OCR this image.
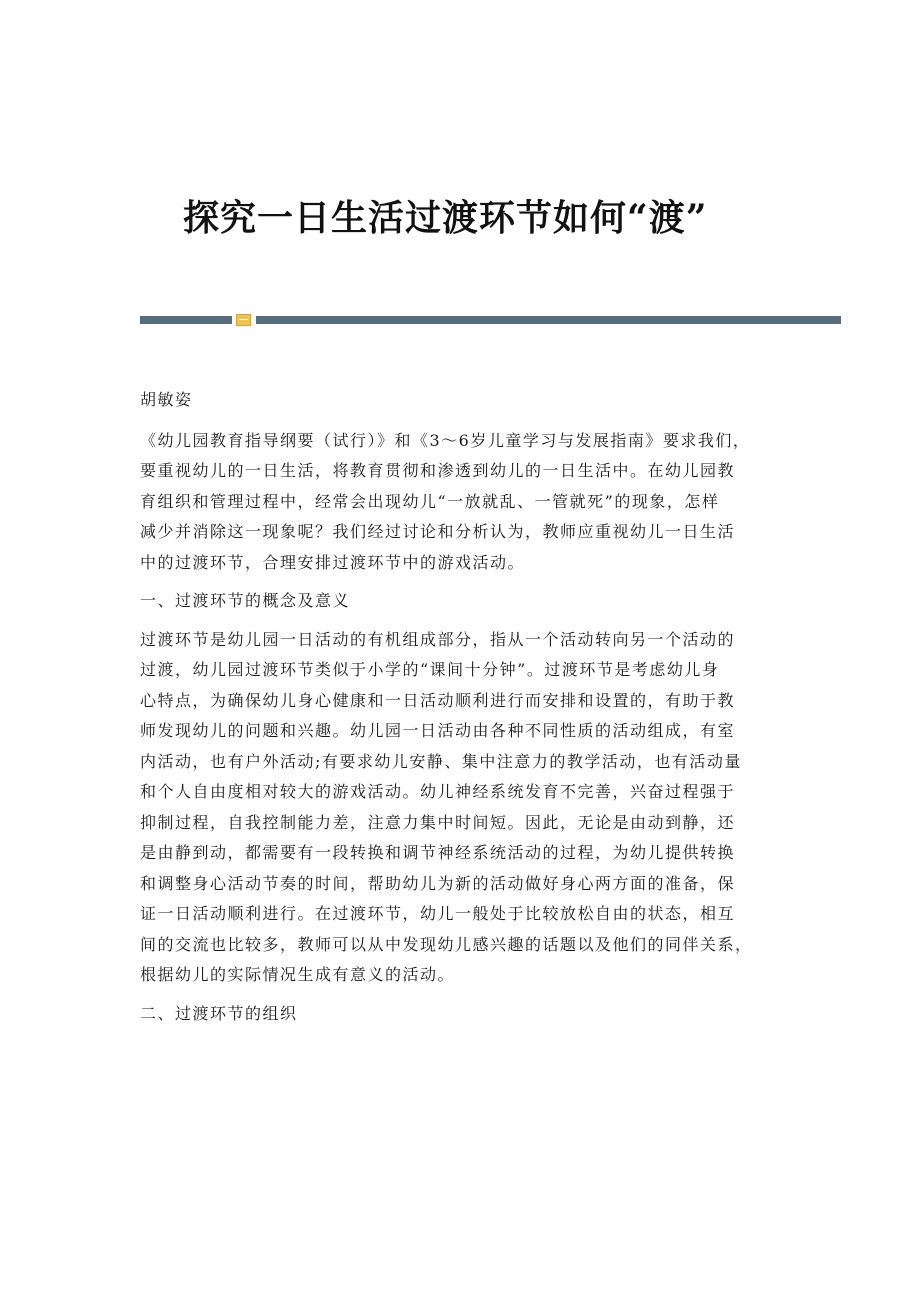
探究一日生活过渡环节如何“渡”

胡敏姿

《幼儿园教育指导纲要（试行）》和《3～6岁儿童学习与发展指南》要求我们，
要重视幼儿的一日生活，将教育贯彻和渗透到幼儿的一日生活中。在幼儿园教
育组织和管理过程中，经常会出现幼儿“一放就乱、一管就死”的现象，怎样
减少并消除这一现象呢？我们经过讨论和分析认为，教师应重视幼儿一日生活
中的过渡环节，合理安排过渡环节中的游戏活动。

一、过渡环节的概念及意义

过渡环节是幼儿园一日活动的有机组成部分，指从一个活动转向另一个活动的
过渡，幼儿园过渡环节类似于小学的“课间十分钟”。过渡环节是考虑幼儿身
心特点，为确保幼儿身心健康和一日活动顺利进行而安排和设置的，有助于教
师发现幼儿的问题和兴趣。幼儿园一日活动由各种不同性质的活动组成，有室
内活动，也有户外活动;有要求幼儿安静、集中注意力的教学活动，也有活动量
和个人自由度相对较大的游戏活动。幼儿神经系统发育不完善，兴奋过程强于
抑制过程，自我控制能力差，注意力集中时间短。因此，无论是由动到静，还
是由静到动，都需要有一段转换和调节神经系统活动的过程，为幼儿提供转换
和调整身心活动节奏的时间，帮助幼儿为新的活动做好身心两方面的准备，保
证一日活动顺利进行。在过渡环节，幼儿一般处于比较放松自由的状态，相互
间的交流也比较多，教师可以从中发现幼儿感兴趣的话题以及他们的同伴关系，
根据幼儿的实际情况生成有意义的活动。

二、过渡环节的组织
